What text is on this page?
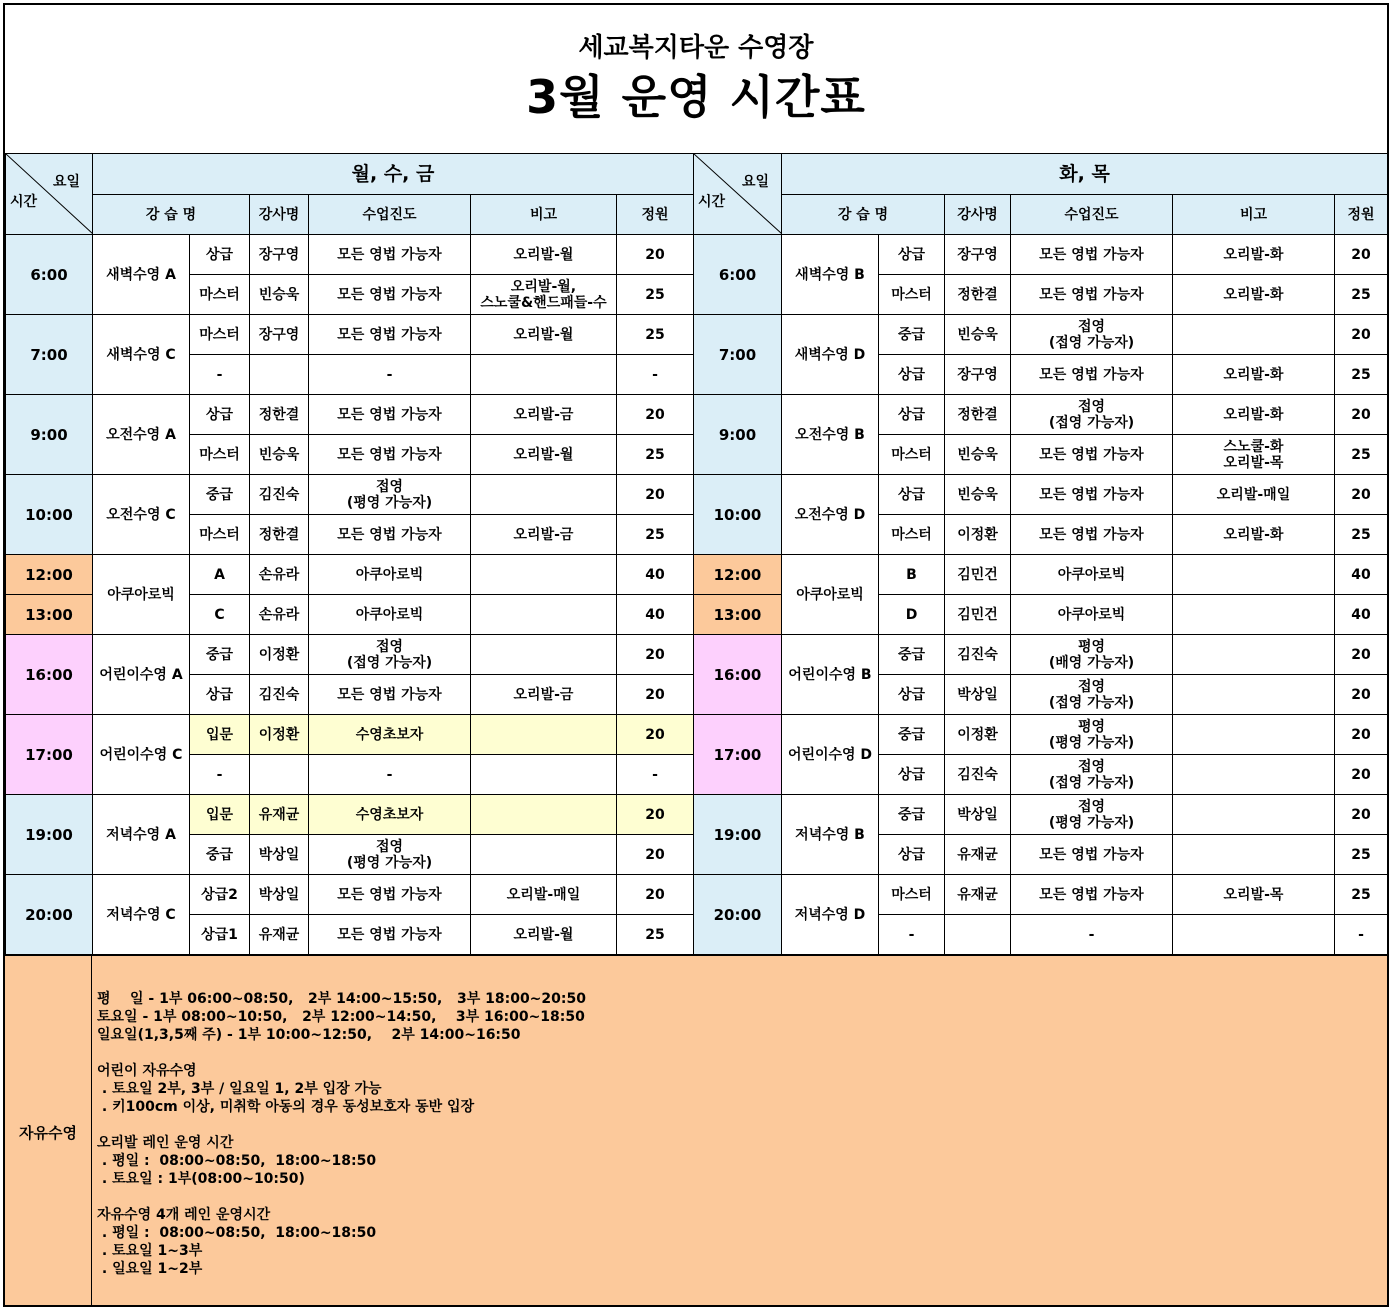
세교복지타운 수영장
3월 운영 시간표
요일
시간	월, 수, 금					
	강 습 명		강사명	수업진도	비고	정원
6:00	새벽수영 A	상급	장구영	모든 영법 가능자	오리발-월	20
		마스터	빈승욱	모든 영법 가능자	오리발-월,
스노쿨&핸드패들-수	25
7:00	새벽수영 C	마스터	장구영	모든 영법 가능자	오리발-월	25
		-		-		-
9:00	오전수영 A	상급	정한결	모든 영법 가능자	오리발-금	20
		마스터	빈승욱	모든 영법 가능자	오리발-월	25
10:00	오전수영 C	중급	김진숙	접영
(평영 가능자)		20
		마스터	정한결	모든 영법 가능자	오리발-금	25
12:00	아쿠아로빅	A	손유라	아쿠아로빅		40
13:00		C	손유라	아쿠아로빅		40
16:00	어린이수영 A	중급	이정환	접영
(접영 가능자)		20
		상급	김진숙	모든 영법 가능자	오리발-금	20
17:00	어린이수영 C	입문	이정환	수영초보자		20
		-		-		-
19:00	저녁수영 A	입문	유재균	수영초보자		20
		중급	박상일	접영
(평영 가능자)		20
20:00	저녁수영 C	상급2	박상일	모든 영법 가능자	오리발-매일	20
		상급1	유재균	모든 영법 가능자	오리발-월	25
요일
시간	화, 목					
	강 습 명		강사명	수업진도	비고	정원
6:00	새벽수영 B	상급	장구영	모든 영법 가능자	오리발-화	20
		마스터	정한결	모든 영법 가능자	오리발-화	25
7:00	새벽수영 D	중급	빈승욱	접영
(접영 가능자)		20
		상급	장구영	모든 영법 가능자	오리발-화	25
9:00	오전수영 B	상급	정한결	접영
(접영 가능자)	오리발-화	20
		마스터	빈승욱	모든 영법 가능자	스노쿨-화
오리발-목	25
10:00	오전수영 D	상급	빈승욱	모든 영법 가능자	오리발-매일	20
		마스터	이정환	모든 영법 가능자	오리발-화	25
12:00	아쿠아로빅	B	김민건	아쿠아로빅		40
13:00		D	김민건	아쿠아로빅		40
16:00	어린이수영 B	중급	김진숙	평영
(배영 가능자)		20
		상급	박상일	접영
(접영 가능자)		20
17:00	어린이수영 D	중급	이정환	평영
(평영 가능자)		20
		상급	김진숙	접영
(접영 가능자)		20
19:00	저녁수영 B	중급	박상일	접영
(평영 가능자)		20
		상급	유재균	모든 영법 가능자		25
20:00	저녁수영 D	마스터	유재균	모든 영법 가능자	오리발-목	25
		-		-		-
자유수영
평    일 - 1부 06:00~08:50,   2부 14:00~15:50,   3부 18:00~20:50
토요일 - 1부 08:00~10:50,   2부 12:00~14:50,    3부 16:00~18:50
일요일(1,3,5째 주) - 1부 10:00~12:50,    2부 14:00~16:50
어린이 자유수영
. 토요일 2부, 3부 / 일요일 1, 2부 입장 가능
. 키100cm 이상, 미취학 아동의 경우 동성보호자 동반 입장
오리발 레인 운영 시간
. 평일 :  08:00~08:50,  18:00~18:50
. 토요일 : 1부(08:00~10:50)
자유수영 4개 레인 운영시간
. 평일 :  08:00~08:50,  18:00~18:50
. 토요일 1~3부
. 일요일 1~2부
